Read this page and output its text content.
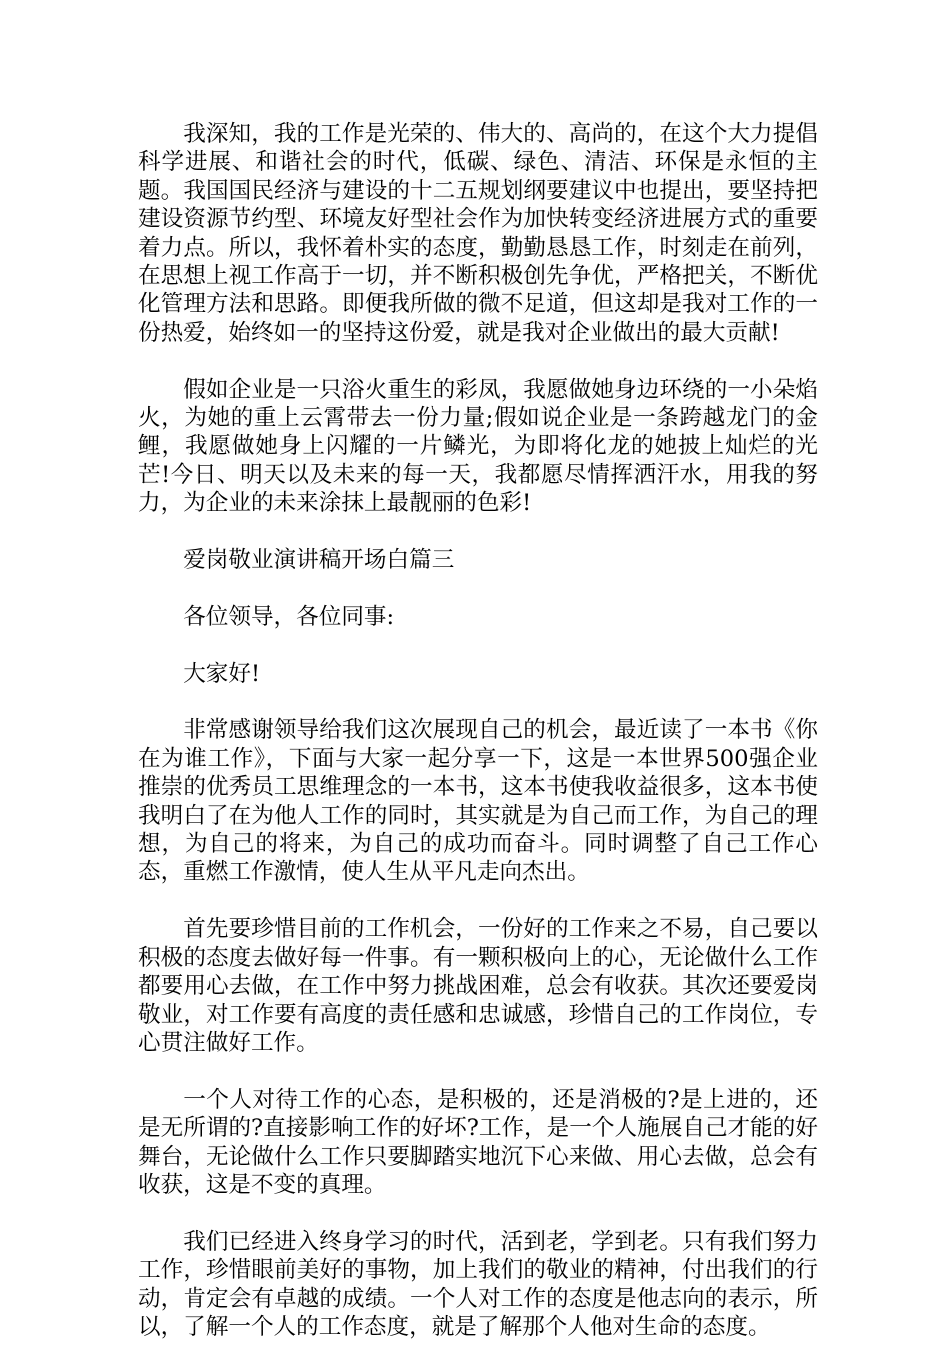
我深知，我的工作是光荣的、伟大的、高尚的，在这个大力提倡科学进展、和谐社会的时代，低碳、绿色、清洁、环保是永恒的主题。我国国民经济与建设的十二五规划纲要建议中也提出，要坚持把建设资源节约型、环境友好型社会作为加快转变经济进展方式的重要着力点。所以，我怀着朴实的态度，勤勤恳恳工作，时刻走在前列，在思想上视工作高于一切，并不断积极创先争优，严格把关，不断优化管理方法和思路。即便我所做的微不足道，但这却是我对工作的一份热爱，始终如一的坚持这份爱，就是我对企业做出的最大贡献!

假如企业是一只浴火重生的彩凤，我愿做她身边环绕的一小朵焰火，为她的重上云霄带去一份力量;假如说企业是一条跨越龙门的金鲤，我愿做她身上闪耀的一片鳞光，为即将化龙的她披上灿烂的光芒!今日、明天以及未来的每一天，我都愿尽情挥洒汗水，用我的努力，为企业的未来涂抹上最靓丽的色彩!

爱岗敬业演讲稿开场白篇三

各位领导，各位同事:

大家好!

非常感谢领导给我们这次展现自己的机会，最近读了一本书《你在为谁工作》，下面与大家一起分享一下，这是一本世界500强企业推崇的优秀员工思维理念的一本书，这本书使我收益很多，这本书使我明白了在为他人工作的同时，其实就是为自己而工作，为自己的理想，为自己的将来，为自己的成功而奋斗。同时调整了自己工作心态，重燃工作激情，使人生从平凡走向杰出。

首先要珍惜目前的工作机会，一份好的工作来之不易，自己要以积极的态度去做好每一件事。有一颗积极向上的心，无论做什么工作都要用心去做，在工作中努力挑战困难，总会有收获。其次还要爱岗敬业，对工作要有高度的责任感和忠诚感，珍惜自己的工作岗位，专心贯注做好工作。

一个人对待工作的心态，是积极的，还是消极的?是上进的，还是无所谓的?直接影响工作的好坏?工作，是一个人施展自己才能的好舞台，无论做什么工作只要脚踏实地沉下心来做、用心去做，总会有收获，这是不变的真理。

我们已经进入终身学习的时代，活到老，学到老。只有我们努力工作，珍惜眼前美好的事物，加上我们的敬业的精神，付出我们的行动，肯定会有卓越的成绩。一个人对工作的态度是他志向的表示，所以，了解一个人的工作态度，就是了解那个人他对生命的态度。
